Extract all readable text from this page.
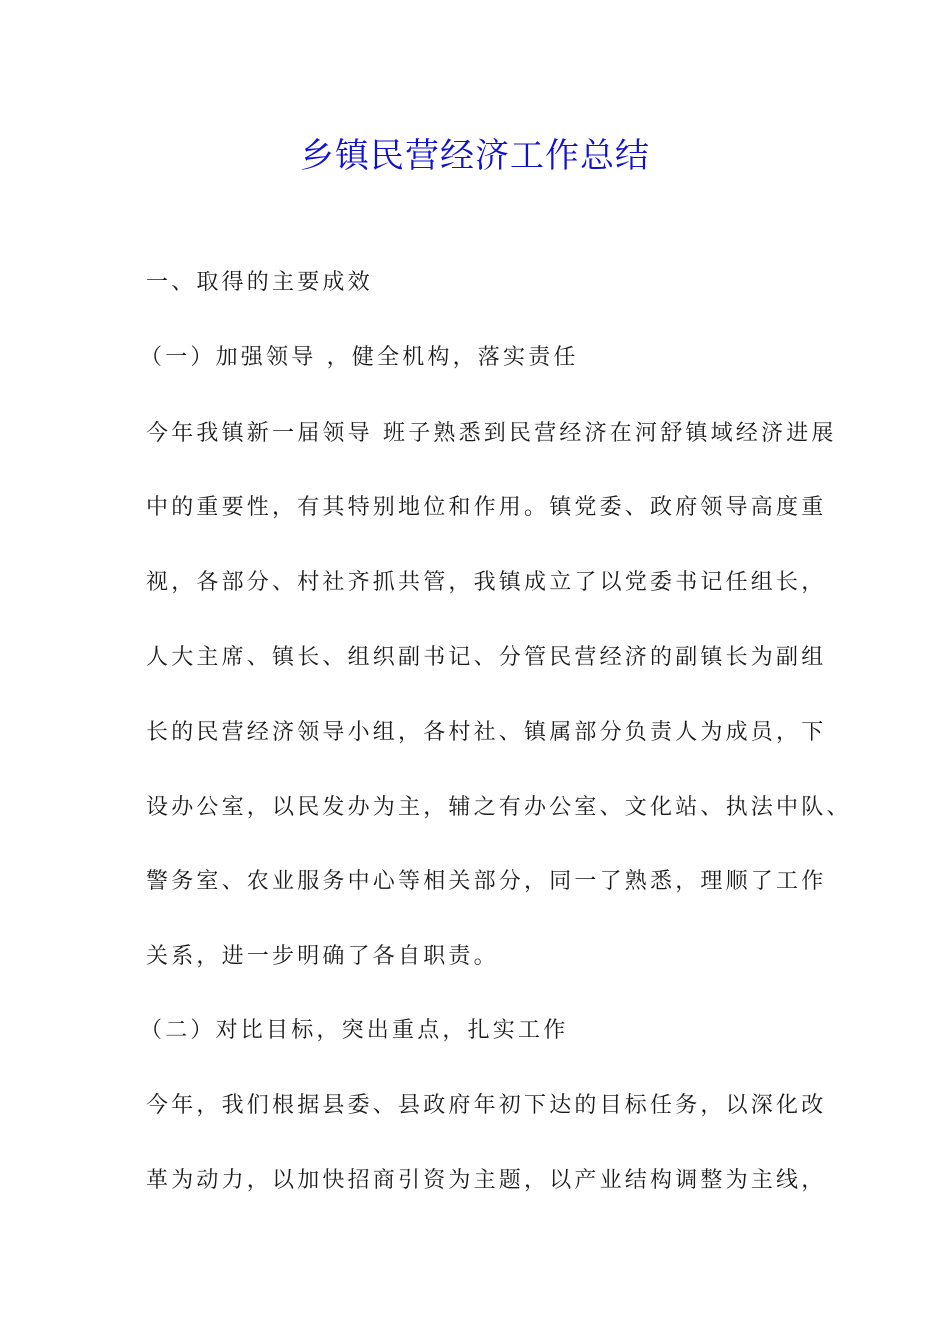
乡镇民营经济工作总结
一、取得的主要成效
（一）加强领导 ，健全机构，落实责任
今年我镇新一届领导 班子熟悉到民营经济在河舒镇域经济进展
中的重要性，有其特别地位和作用。镇党委、政府领导高度重
视，各部分、村社齐抓共管，我镇成立了以党委书记任组长，
人大主席、镇长、组织副书记、分管民营经济的副镇长为副组
长的民营经济领导小组，各村社、镇属部分负责人为成员，下
设办公室，以民发办为主，辅之有办公室、文化站、执法中队、
警务室、农业服务中心等相关部分，同一了熟悉，理顺了工作
关系，进一步明确了各自职责。
（二）对比目标，突出重点，扎实工作
今年，我们根据县委、县政府年初下达的目标任务，以深化改
革为动力，以加快招商引资为主题，以产业结构调整为主线，
